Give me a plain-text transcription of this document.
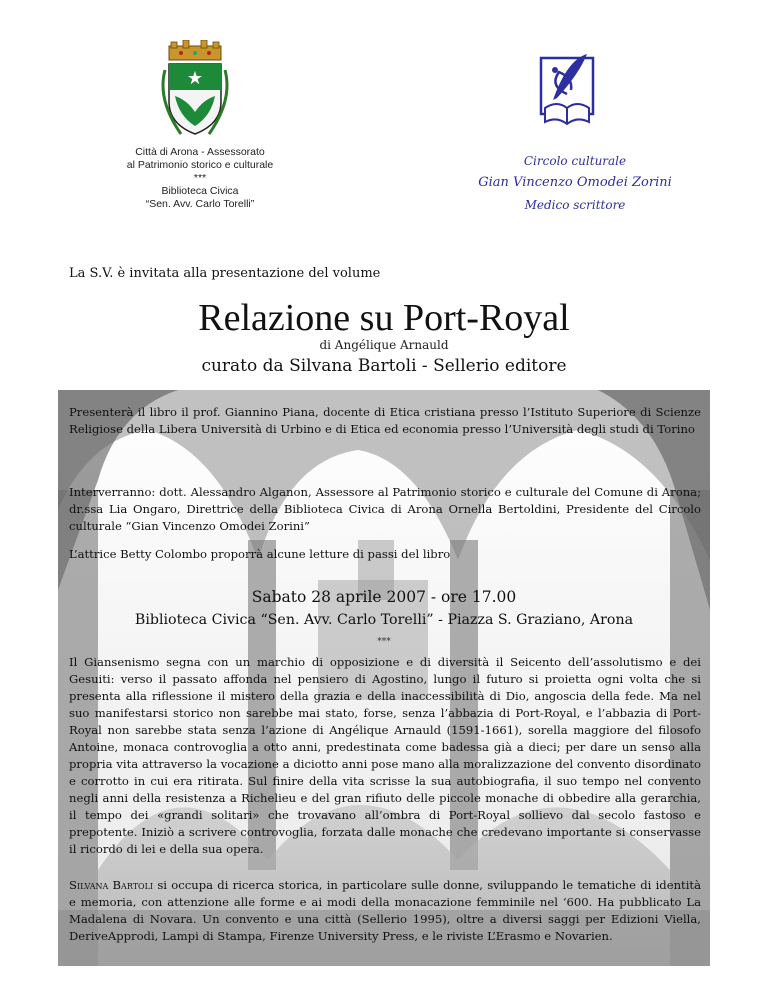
★
Città di Arona - Assessorato
al Patrimonio storico e culturale
***
Biblioteca Civica
“Sen. Avv. Carlo Torelli”
Circolo culturale
Gian Vincenzo Omodei Zorini
Medico scrittore
La S.V. è invitata alla presentazione del volume
Relazione su Port-Royal
di Angélique Arnauld
curato da Silvana Bartoli - Sellerio editore
Presenterà il libro il prof. Giannino Piana, docente di Etica cristiana presso l’Istituto Superiore di Scienze Religiose della Libera Università di Urbino e di Etica ed economia presso l’Università degli studi di Torino
Interverranno: dott. Alessandro Alganon, Assessore al Patrimonio storico e culturale del Comune di Arona; dr.ssa Lia Ongaro, Direttrice della Biblioteca Civica di Arona Ornella Bertoldini, Presidente del Circolo culturale “Gian Vincenzo Omodei Zorini”
L’attrice Betty Colombo proporrà alcune letture di passi del libro
Sabato 28 aprile 2007 - ore 17.00
Biblioteca Civica “Sen. Avv. Carlo Torelli” - Piazza S. Graziano, Arona
***
Il Giansenismo segna con un marchio di opposizione e di diversità il Seicento dell’assolutismo e dei Gesuiti: verso il passato affonda nel pensiero di Agostino, lungo il futuro si proietta ogni volta che si presenta alla riflessione il mistero della grazia e della inaccessibilità di Dio, angoscia della fede. Ma nel suo manifestarsi storico non sarebbe mai stato, forse, senza l’abbazia di Port-Royal, e l’abbazia di Port-Royal non sarebbe stata senza l’azione di Angélique Arnauld (1591-1661), sorella maggiore del filosofo Antoine, monaca controvoglia a otto anni, predestinata come badessa già a dieci; per dare un senso alla propria vita attraverso la vocazione a diciotto anni pose mano alla moralizzazione del convento disordinato e corrotto in cui era ritirata. Sul finire della vita scrisse la sua autobiografia, il suo tempo nel convento negli anni della resistenza a Richelieu e del gran rifiuto delle piccole monache di obbedire alla gerarchia, il tempo dei «grandi solitari» che trovavano all’ombra di Port-Royal sollievo dal secolo fastoso e prepotente. Iniziò a scrivere controvoglia, forzata dalle monache che credevano importante si conservasse il ricordo di lei e della sua opera.
Silvana Bartoli si occupa di ricerca storica, in particolare sulle donne, sviluppando le tematiche di identità e memoria, con attenzione alle forme e ai modi della monacazione femminile nel ‘600. Ha pubblicato La Madalena di Novara. Un convento e una città (Sellerio 1995), oltre a diversi saggi per Edizioni Viella, DeriveApprodi, Lampi di Stampa, Firenze University Press, e le riviste L’Erasmo e Novarien.
